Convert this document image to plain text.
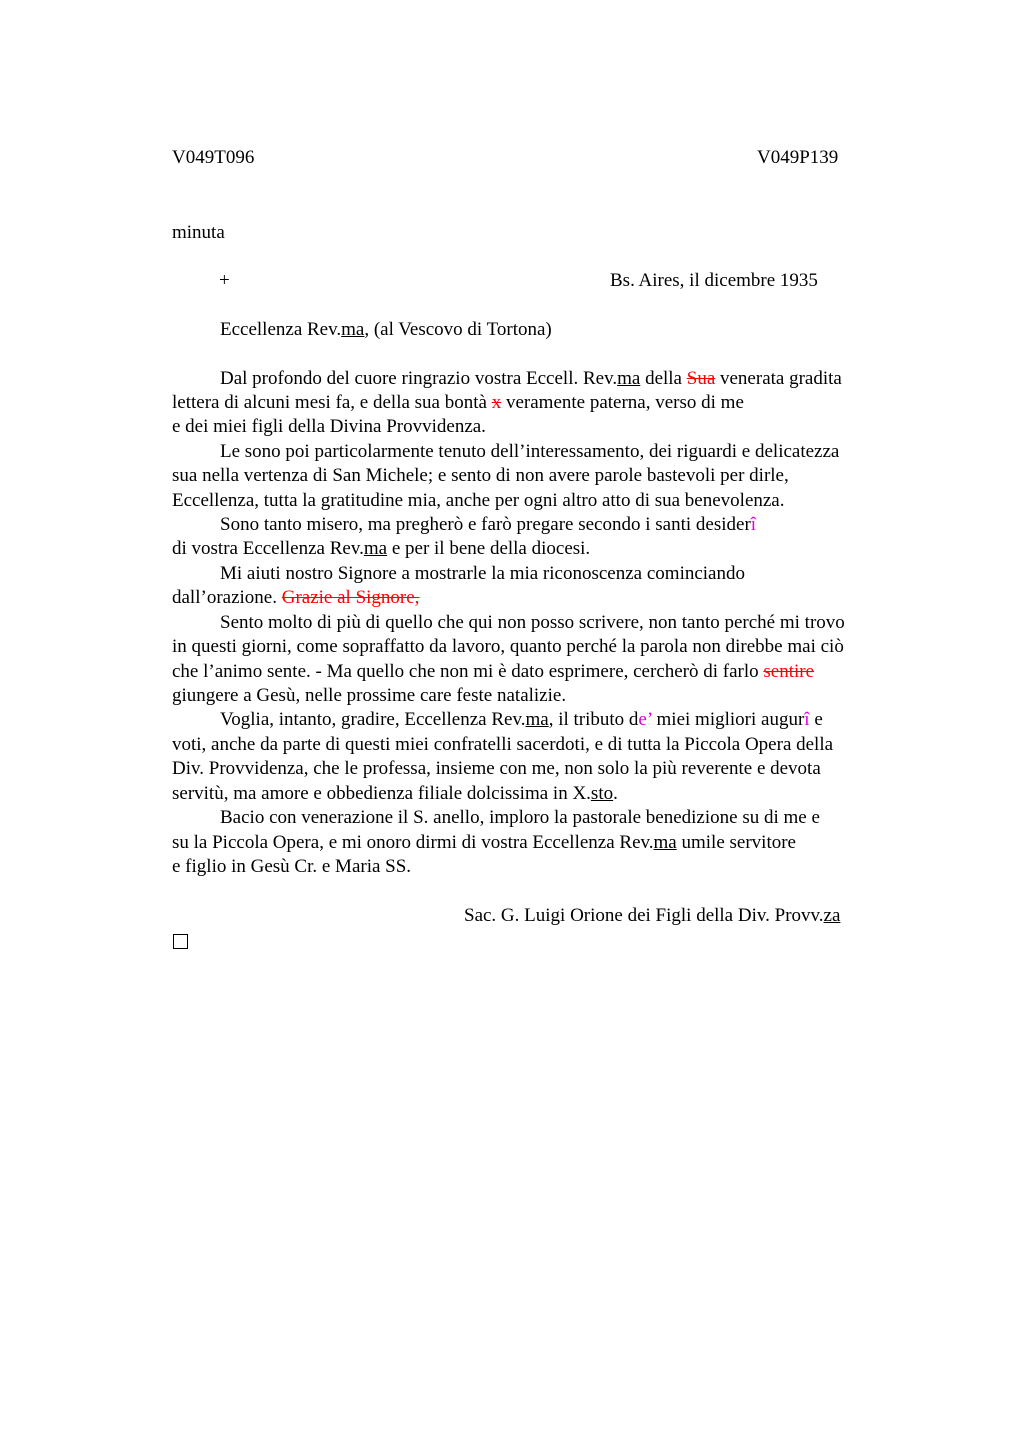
V049T096	V049P139
minuta
+	Bs. Aires, il dicembre 1935
Eccellenza Rev.ma, (al Vescovo di Tortona)
Dal profondo del cuore ringrazio vostra Eccell. Rev.ma della Sua venerata gradita
lettera di alcuni mesi fa, e della sua bontà x veramente paterna, verso di me
e dei miei figli della Divina Provvidenza.
Le sono poi particolarmente tenuto dell’interessamento, dei riguardi e delicatezza
sua nella vertenza di San Michele; e sento di non avere parole bastevoli per dirle,
Eccellenza, tutta la gratitudine mia, anche per ogni altro atto di sua benevolenza.
Sono tanto misero, ma pregherò e farò pregare secondo i santi desiderî
di vostra Eccellenza Rev.ma e per il bene della diocesi.
Mi aiuti nostro Signore a mostrarle la mia riconoscenza cominciando
dall’orazione. Grazie al Signore,
Sento molto di più di quello che qui non posso scrivere, non tanto perché mi trovo
in questi giorni, come sopraffatto da lavoro, quanto perché la parola non direbbe mai ciò
che l’animo sente. - Ma quello che non mi è dato esprimere, cercherò di farlo sentire
giungere a Gesù, nelle prossime care feste natalizie.
Voglia, intanto, gradire, Eccellenza Rev.ma, il tributo de’ miei migliori augurî e
voti, anche da parte di questi miei confratelli sacerdoti, e di tutta la Piccola Opera della
Div. Provvidenza, che le professa, insieme con me, non solo la più reverente e devota
servitù, ma amore e obbedienza filiale dolcissima in X.sto.
Bacio con venerazione il S. anello, imploro la pastorale benedizione su di me e
su la Piccola Opera, e mi onoro dirmi di vostra Eccellenza Rev.ma umile servitore
e figlio in Gesù Cr. e Maria SS.
Sac. G. Luigi Orione dei Figli della Div. Provv.za
